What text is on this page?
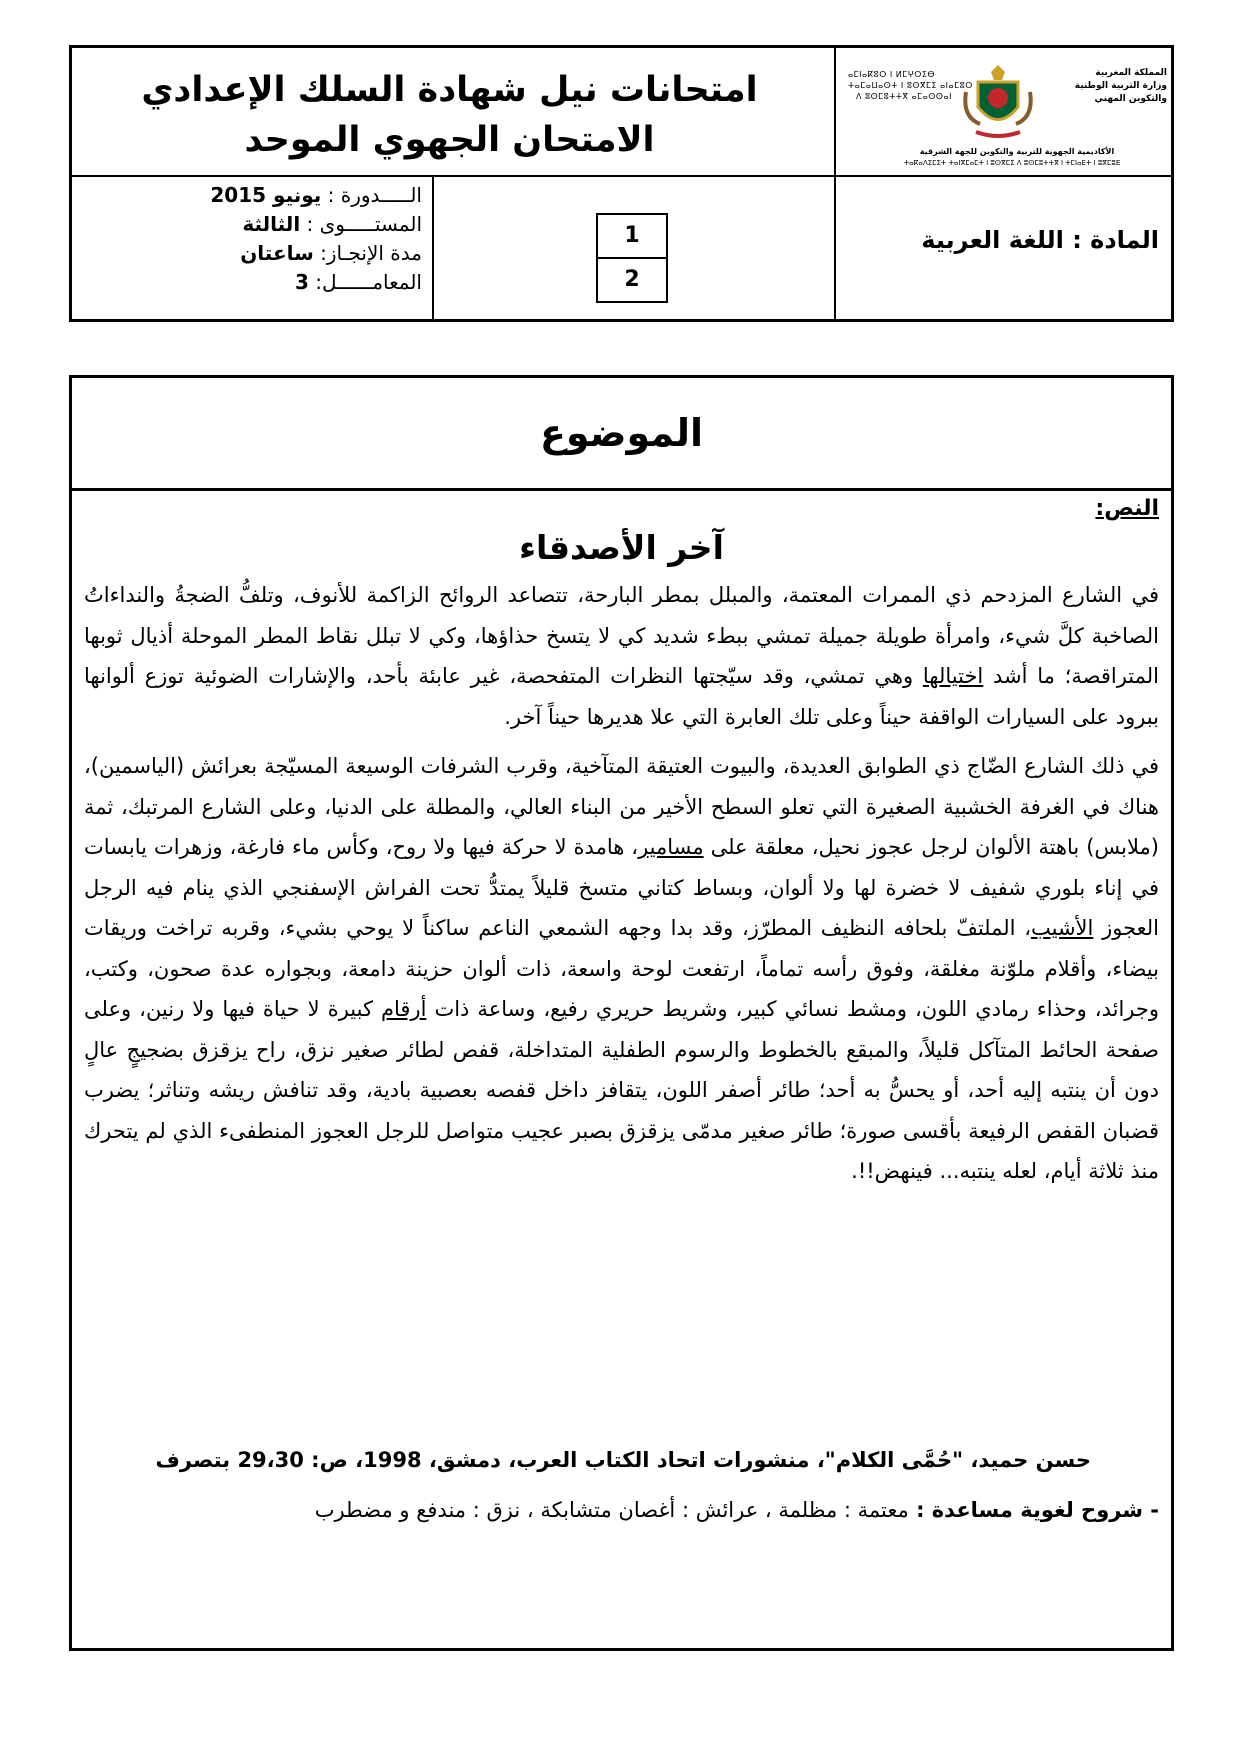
امتحانات نيل شهادة السلك الإعدادي
الامتحان الجهوي الموحد
ⴰⵎⵏⴰⴽⵓⵔ ⵏ ⵍⵎⵖⵔⵉⴱ
ⵜⴰⵎⴰⵡⴰⵙⵜ ⵏ ⵓⵙⴳⵎⵉ ⴰⵏⴰⵎⵓⵔ
ⴷ ⵓⵙⵎⵓⵜⵜⴳ ⴰⵎⴰⵙⵙⴰⵏ
المملكة المغربية
وزارة التربية الوطنية
والتكوين المهني
الأكاديمية الجهوية للتربية والتكوين للجهة الشرقية
ⵜⴰⴽⴰⴷⵉⵎⵉⵜ ⵜⴰⵏⴳⵎⴰⵎⵜ ⵏ ⵓⵙⴳⵎⵉ ⴷ ⵓⵙⵎⵓⵜⵜⴳ ⵏ ⵜⵎⵏⴰⴹⵜ ⵏ ⵓⴳⵎⵓⴹ
المادة : اللغة العربية
1
2
الـــــدورة : يونيو 2015
المستـــــوى : الثالثة
مدة الإنجـاز: ساعتان
المعامــــــل: 3
الموضوع
النص:
آخر الأصدقاء
في الشارع المزدحم ذي الممرات المعتمة، والمبلل بمطر البارحة، تتصاعد الروائح الزاكمة للأنوف، وتلفُّ الضجةُ والنداءاتُ الصاخبة كلَّ شيء، وامرأة طويلة جميلة تمشي ببطء شديد كي لا يتسخ حذاؤها، وكي لا تبلل نقاط المطر الموحلة أذيال ثوبها المتراقصة؛ ما أشد اختيالها وهي تمشي، وقد سيّجتها النظرات المتفحصة، غير عابئة بأحد، والإشارات الضوئية توزع ألوانها ببرود على السيارات الواقفة حيناً وعلى تلك العابرة التي علا هديرها حيناً آخر.
في ذلك الشارع الضّاج ذي الطوابق العديدة، والبيوت العتيقة المتآخية، وقرب الشرفات الوسيعة المسيّجة بعرائش (الياسمين)، هناك في الغرفة الخشبية الصغيرة التي تعلو السطح الأخير من البناء العالي، والمطلة على الدنيا، وعلى الشارع المرتبك، ثمة (ملابس) باهتة الألوان لرجل عجوز نحيل، معلقة على مسامير، هامدة لا حركة فيها ولا روح، وكأس ماء فارغة، وزهرات يابسات في إناء بلوري شفيف لا خضرة لها ولا ألوان، وبساط كتاني متسخ قليلاً يمتدُّ تحت الفراش الإسفنجي الذي ينام فيه الرجل العجوز الأشيب، الملتفّ بلحافه النظيف المطرّز، وقد بدا وجهه الشمعي الناعم ساكناً لا يوحي بشيء، وقربه تراخت وريقات بيضاء، وأقلام ملوّنة مغلقة، وفوق رأسه تماماً، ارتفعت لوحة واسعة، ذات ألوان حزينة دامعة، وبجواره عدة صحون، وكتب، وجرائد، وحذاء رمادي اللون، ومشط نسائي كبير، وشريط حريري رفيع، وساعة ذات أرقام كبيرة لا حياة فيها ولا رنين، وعلى صفحة الحائط المتآكل قليلاً، والمبقع بالخطوط والرسوم الطفلية المتداخلة، قفص لطائر صغير نزق، راح يزقزق بضجيجٍ عالٍ دون أن ينتبه إليه أحد، أو يحسُّ به أحد؛ طائر أصفر اللون، يتقافز داخل قفصه بعصبية بادية، وقد تنافش ريشه وتناثر؛ يضرب قضبان القفص الرفيعة بأقسى صورة؛ طائر صغير مدمّى يزقزق بصبر عجيب متواصل للرجل العجوز المنطفىء الذي لم يتحرك منذ ثلاثة أيام، لعله ينتبه... فينهض!!.
حسن حميد، "حُمَّى الكلام"، منشورات اتحاد الكتاب العرب، دمشق، 1998، ص: 29،30 بتصرف
- شروح لغوية مساعدة : معتمة : مظلمة ، عرائش : أغصان متشابكة ، نزق : مندفع و مضطرب
